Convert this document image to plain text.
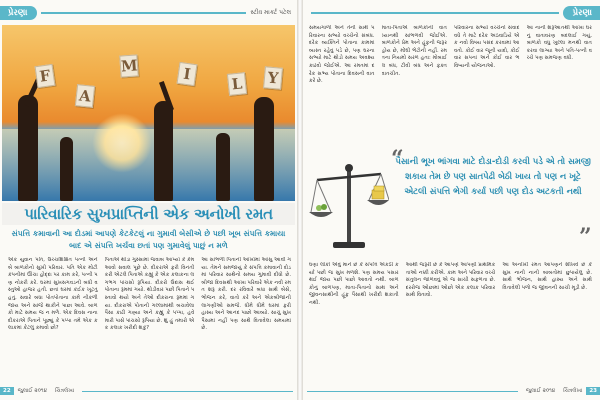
પ્રેરણા	સ્ટીવ માર્ક્ટ પટેલ
F
A
M	I
L Y
પારિવારિક સુખપ્રાપ્તિની એક અનોખી રમત
સંપત્તિ કમાવાની આ દોડમાં આપણે કેટકેટલું ના ગુમાવી બેસીએ છે પછી ખૂબ સંપત્તિ કમાયા બાદ એ સંપત્તિ ખર્ચવા છતાં પણ ગુમાવેલું પાછું ન મળે

એક યુવાન પતિ, ઉચ્ચશિક્ષિત પત્ની અને બે બાળકોનો સુખી પરિવાર. પતિ એક મોટી કંપનીમાં ઊંચા હોદ્દા પર કામ કરે, પત્ની પણ નોકરી કરે. ઘરમાં સુખસગવડની બધી વસ્તુઓ હાજર હતી. છતાં ઘરમાં કંઈક ખૂટતું હતું. સવારે બધા પોતપોતાના કામે નીકળી જાય અને સાંજે થાકીને પાછા આવે. બાળકો માટે સમય જ ન મળે. એક દિવસ નાના દીકરાએ પિતાને પૂછ્યું કે પપ્પા તમે એક કલાકમાં કેટલું કમાવો છો?

પિતાએ થોડા ગુસ્સામાં જવાબ આપ્યો કે કેમ આવો સવાલ પૂછે છે. દીકરાએ ફરી વિનંતી કરી એટલે પિતાએ કહ્યું કે એક કલાકના લગભગ પાંચસો રૂપિયા. દીકરો ઉદાસ થઈ પોતાના રૂમમાં ગયો. થોડીવાર પછી પિતાને પસ્તાવો થયો અને તેઓ દીકરાના રૂમમાં ગયા. દીકરાએ પોતાની ગલ્લામાંથી બચાવેલા પૈસા કાઢી ગણ્યા અને કહ્યું કે પપ્પા, હવે મારી પાસે પાંચસો રૂપિયા છે. શું હું તમારો એક કલાક ખરીદી શકું?

આ સાંભળી પિતાની આંખોમાં આંસુ આવી ગયા. તેમને સમજાયું કે સંપત્તિ કમાવાની દોડમાં પરિવાર સાથેનો સમય ગુમાવી દીધો છે. બીજા દિવસથી આખા પરિવારે એક નવી રમત શરૂ કરી. દર રવિવારે બધા સાથે બેસે, ભોજન કરે, વાતો કરે અને એકબીજાની લાગણીઓ સમજે. ધીમે ધીમે ઘરમાં ફરી હાસ્ય અને આનંદ પાછો આવ્યો. સાચું સુખ પૈસામાં નહીં પણ સાથે વિતાવેલા સમયમાં છે.

22	જુલાઈ ૨૦૧૪	ચિત્રલેખા
પ્રેરણા

સમયગાળો અને તેની સાથે પરિવારના સભ્યો વચ્ચેનો સંબંધ. દરેક વ્યક્તિને પોતાના કામમાં વ્યસ્ત રહેવું પડે છે, પણ ઘરના સભ્યો માટે થોડો સમય અવશ્ય કાઢવો જોઈએ. આ રમતમાં દરેક સભ્ય પોતાના દિવસની વાત કરે છે.

માતા-પિતાએ બાળકોની વાત ધ્યાનથી સાંભળવી જોઈએ. બાળકોને પ્રેમ અને હૂંફની જરૂર હોય છે, મોંઘી ભેટોની નહીં. રમતના નિયમો સરળ હતા: મોબાઈલ બંધ, ટીવી બંધ અને ફક્ત વાતચીત.

પરિવારના સભ્યો વચ્ચેનો સંવાદ વધે તે માટે દરેક અઠવાડિયે એક નવો વિષય પસંદ કરવામાં આવતો. કોઈ વાર જૂની યાદો, કોઈ વાર સપનાં અને કોઈ વાર ભવિષ્યની યોજનાઓ.

આ નાની શરૂઆતથી આખા ઘરનું વાતાવરણ બદલાઈ ગયું. બાળકો વધુ ખુલ્લા મનથી વાત કરવા લાગ્યા અને પતિ-પત્ની વચ્ચે પણ સમજણ વધી.

“
પૈસાની ભૂખ ભાંગવા માટે દોડા-દોડી કરવી પડે એ તો સમજી શકાય તેમ છે પણ સાતપેઢી બેઠી ખાય તો પણ ન ખૂટે એટલી સંપત્તિ ભેગી કર્યા પછી પણ દોડ અટકતી નથી
”

ઘણા લોકો એવું માને છે કે સંપત્તિ એકઠી કર્યા પછી જ સુખ મળશે. પણ સમય પસાર થઈ જાય પછી પાછો આવતો નથી. બાળકોનું બાળપણ, માતા-પિતાનો સાથ અને જીવનસાથીની હૂંફ પૈસાથી ખરીદી શકાતી નથી.

આથી જરૂરી છે કે આપણે આપણી પ્રાથમિકતાઓ નક્કી કરીએ. કામ અને પરિવાર વચ્ચે સંતુલન જાળવવું એ જ સાચી સફળતા છે. દરરોજ ઓછામાં ઓછો એક કલાક પરિવાર સાથે વિતાવો.

આ અનોખી રમત આપણને શીખવે છે કે સુખ નાની નાની બાબતોમાં છુપાયેલું છે. સાથે ભોજન, સાથે હાસ્ય અને સાથે વિતાવેલી પળો જ જીવનની સાચી મૂડી છે.

જુલાઈ ૨૦૧૪	ચિત્રલેખા	23
